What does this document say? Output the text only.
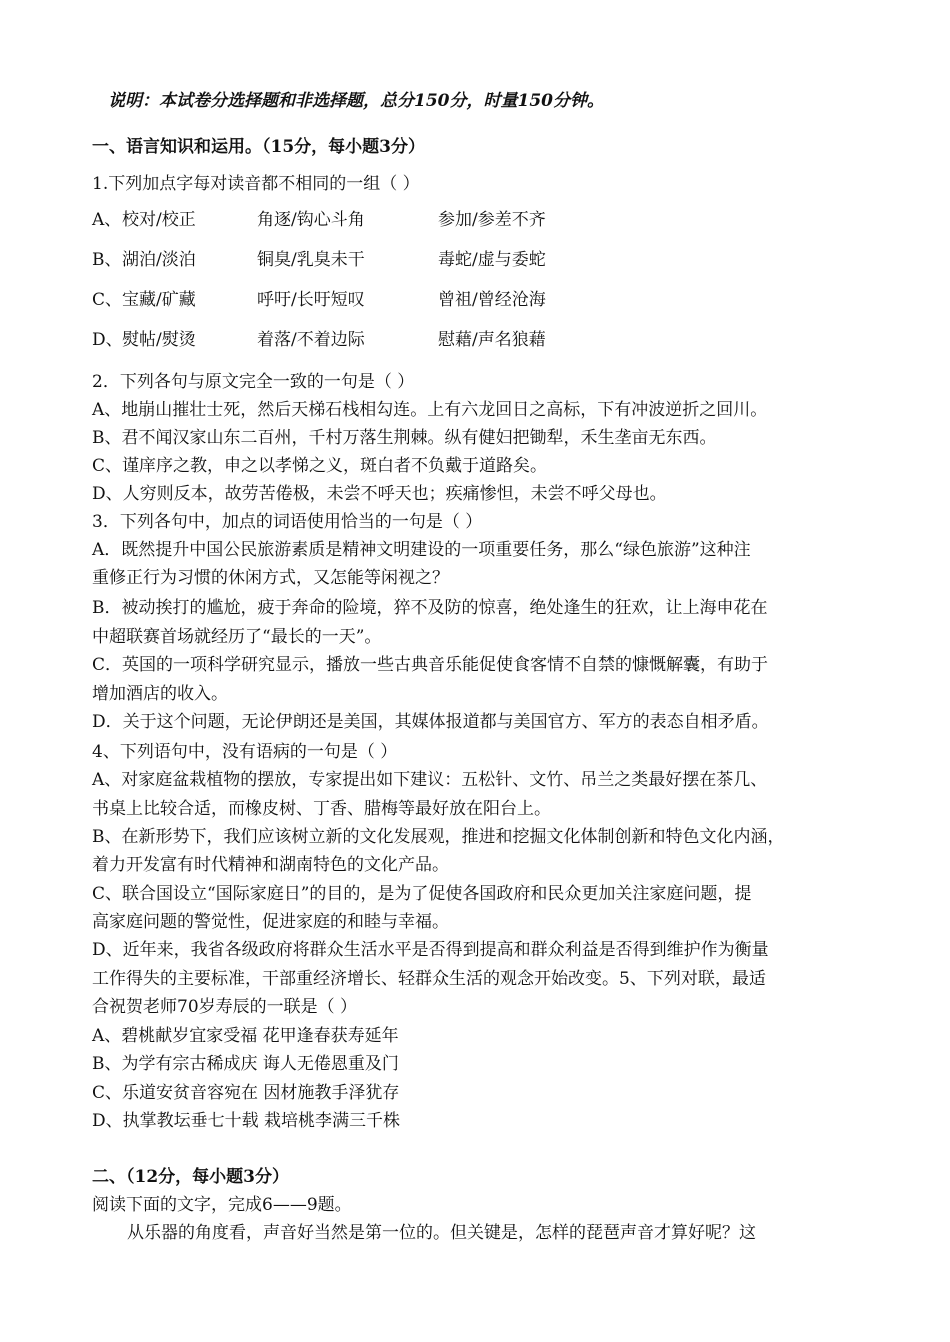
说明：本试卷分选择题和非选择题，总分150分，时量150分钟。
一、语言知识和运用。（15分，每小题3分）
1.下列加点字每对读音都不相同的一组（ ）
A、 校对/校正	角逐/钩心斗角	参加/参差不齐
B、 湖泊/淡泊	铜臭/乳臭未干	毒蛇/虚与委蛇
C、 宝藏/矿藏	呼吁/长吁短叹	曾祖/曾经沧海
D、 熨帖/熨烫	着落/不着边际	慰藉/声名狼藉
2．下列各句与原文完全一致的一句是（ ）
A、地崩山摧壮士死，然后天梯石栈相勾连。上有六龙回日之高标，下有冲波逆折之回川。
B、君不闻汉家山东二百州，千村万落生荆棘。纵有健妇把锄犁，禾生垄亩无东西。
C、谨庠序之教，申之以孝悌之义，斑白者不负戴于道路矣。
D、人穷则反本，故劳苦倦极，未尝不呼天也；疾痛惨怛，未尝不呼父母也。
3．下列各句中，加点的词语使用恰当的一句是（ ）
A．既然提升中国公民旅游素质是精神文明建设的一项重要任务，那么“绿色旅游”这种注
重修正行为习惯的休闲方式，又怎能等闲视之？
B．被动挨打的尴尬，疲于奔命的险境，猝不及防的惊喜，绝处逢生的狂欢，让上海申花在
中超联赛首场就经历了“最长的一天”。
C．英国的一项科学研究显示，播放一些古典音乐能促使食客情不自禁的慷慨解囊，有助于
增加酒店的收入。
D．关于这个问题，无论伊朗还是美国，其媒体报道都与美国官方、军方的表态自相矛盾。
4、下列语句中，没有语病的一句是（ ）
A、对家庭盆栽植物的摆放，专家提出如下建议：五松针、文竹、吊兰之类最好摆在茶几、
书桌上比较合适，而橡皮树、丁香、腊梅等最好放在阳台上。
B、在新形势下，我们应该树立新的文化发展观，推进和挖掘文化体制创新和特色文化内涵，
着力开发富有时代精神和湖南特色的文化产品。
C、联合国设立“国际家庭日”的目的，是为了促使各国政府和民众更加关注家庭问题，提
高家庭问题的警觉性，促进家庭的和睦与幸福。
D、近年来，我省各级政府将群众生活水平是否得到提高和群众利益是否得到维护作为衡量
工作得失的主要标准，干部重经济增长、轻群众生活的观念开始改变。5、下列对联，最适
合祝贺老师70岁寿辰的一联是（ ）
A、碧桃献岁宜家受福 花甲逢春获寿延年
B、为学有宗古稀成庆 诲人无倦恩重及门
C、乐道安贫音容宛在 因材施教手泽犹存
D、执掌教坛垂七十载 栽培桃李满三千株
二、（12分，每小题3分）
阅读下面的文字，完成6——9题。
从乐器的角度看，声音好当然是第一位的。但关键是，怎样的琵琶声音才算好呢？这
